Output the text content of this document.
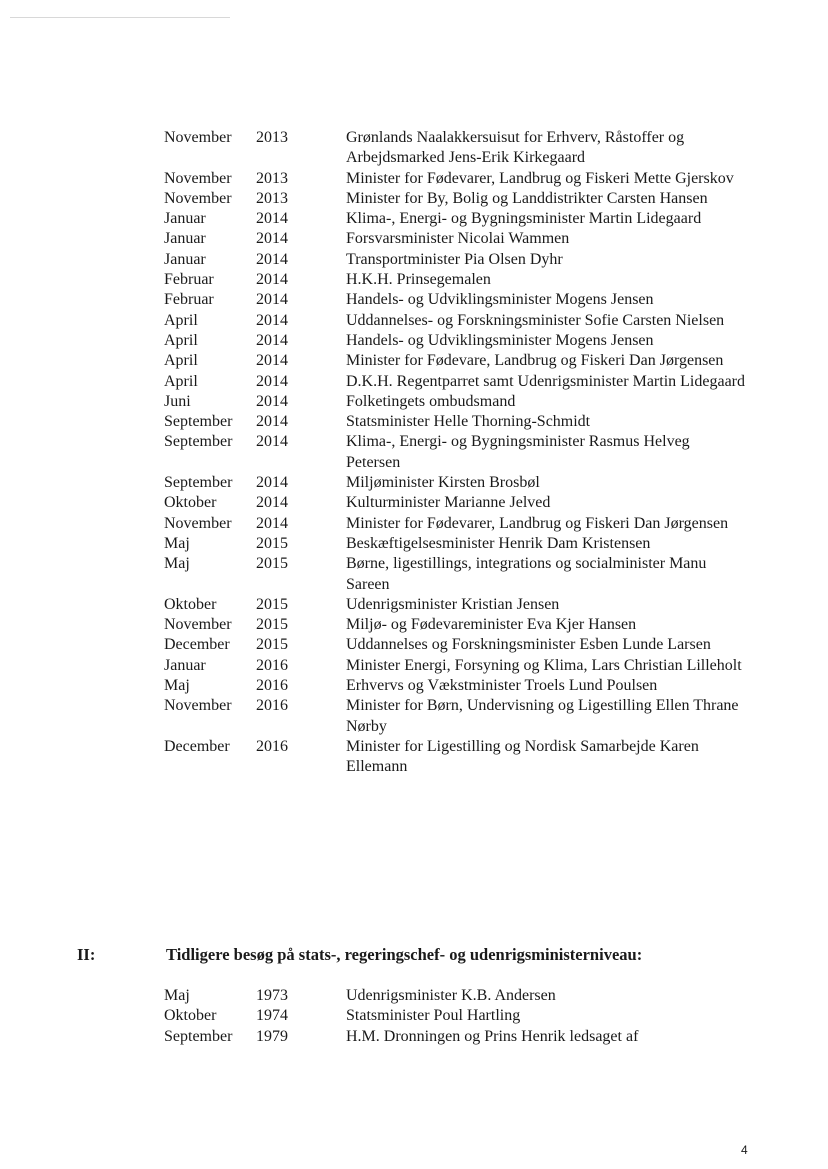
November	2013	Grønlands Naalakkersuisut for Erhverv, Råstoffer og Arbejdsmarked Jens-Erik Kirkegaard
November	2013	Minister for Fødevarer, Landbrug og Fiskeri Mette Gjerskov
November	2013	Minister for By, Bolig og Landdistrikter Carsten Hansen
Januar	2014	Klima-, Energi- og Bygningsminister Martin Lidegaard
Januar	2014	Forsvarsminister Nicolai Wammen
Januar	2014	Transportminister Pia Olsen Dyhr
Februar	2014	H.K.H. Prinsegemalen
Februar	2014	Handels- og Udviklingsminister Mogens Jensen
April	2014	Uddannelses- og Forskningsminister Sofie Carsten Nielsen
April	2014	Handels- og Udviklingsminister Mogens Jensen
April	2014	Minister for Fødevare, Landbrug og Fiskeri Dan Jørgensen
April	2014	D.K.H. Regentparret samt Udenrigsminister Martin Lidegaard
Juni	2014	Folketingets ombudsmand
September	2014	Statsminister Helle Thorning-Schmidt
September	2014	Klima-, Energi- og Bygningsminister Rasmus Helveg Petersen
September	2014	Miljøminister Kirsten Brosbøl
Oktober	2014	Kulturminister Marianne Jelved
November	2014	Minister for Fødevarer, Landbrug og Fiskeri Dan Jørgensen
Maj	2015	Beskæftigelsesminister Henrik Dam Kristensen
Maj	2015	Børne, ligestillings, integrations og socialminister Manu Sareen
Oktober	2015	Udenrigsminister Kristian Jensen
November	2015	Miljø- og Fødevareminister Eva Kjer Hansen
December	2015	Uddannelses og Forskningsminister Esben Lunde Larsen
Januar	2016	Minister Energi, Forsyning og Klima, Lars Christian Lilleholt
Maj	2016	Erhvervs og Vækstminister Troels Lund Poulsen
November	2016	Minister for Børn, Undervisning og Ligestilling Ellen Thrane Nørby
December	2016	Minister for Ligestilling og Nordisk Samarbejde Karen Ellemann
II:	Tidligere besøg på stats-, regeringschef- og udenrigsministerniveau:
Maj	1973	Udenrigsminister K.B. Andersen
Oktober	1974	Statsminister Poul Hartling
September	1979	H.M. Dronningen og Prins Henrik ledsaget af
4
